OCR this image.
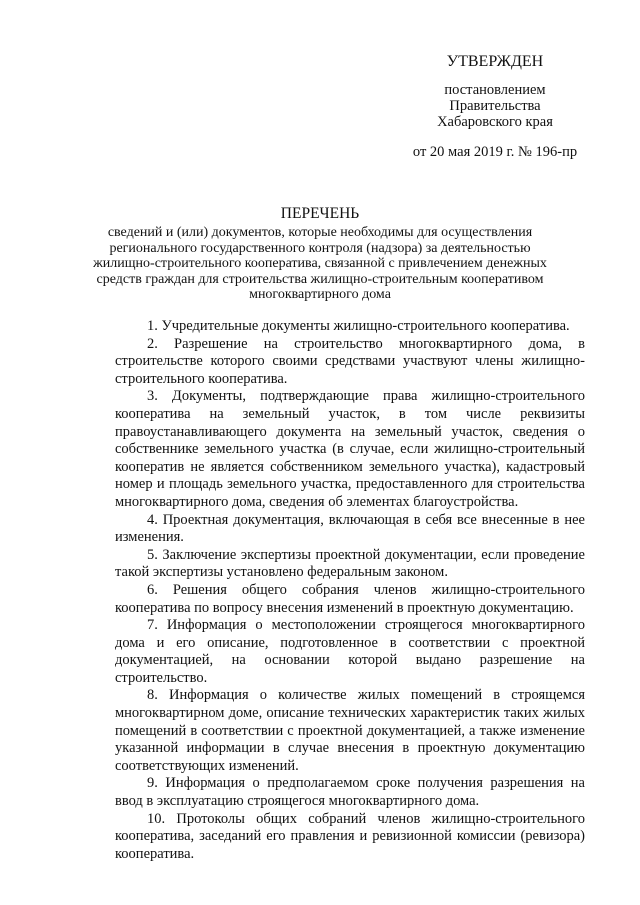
УТВЕРЖДЕН
постановлением
Правительства
Хабаровского края
от 20 мая 2019 г. № 196-пр
ПЕРЕЧЕНЬ
сведений и (или) документов, которые необходимы для осуществления регионального государственного контроля (надзора) за деятельностью жилищно-строительного кооператива, связанной с привлечением денежных средств граждан для строительства жилищно-строительным кооперативом многоквартирного дома

1. Учредительные документы жилищно-строительного кооператива.

2. Разрешение на строительство многоквартирного дома, в строительстве которого своими средствами участвуют члены жилищно-строительного кооператива.

3. Документы, подтверждающие права жилищно-строительного кооператива на земельный участок, в том числе реквизиты правоустанавливающего документа на земельный участок, сведения о собственнике земельного участка (в случае, если жилищно-строительный кооператив не является собственником земельного участка), кадастровый номер и площадь земельного участка, предоставленного для строительства многоквартирного дома, сведения об элементах благоустройства.

4. Проектная документация, включающая в себя все внесенные в нее изменения.

5. Заключение экспертизы проектной документации, если проведение такой экспертизы установлено федеральным законом.

6. Решения общего собрания членов жилищно-строительного кооператива по вопросу внесения изменений в проектную документацию.

7. Информация о местоположении строящегося многоквартирного дома и его описание, подготовленное в соответствии с проектной документацией, на основании которой выдано разрешение на строительство.

8. Информация о количестве жилых помещений в строящемся многоквартирном доме, описание технических характеристик таких жилых помещений в соответствии с проектной документацией, а также изменение указанной информации в случае внесения в проектную документацию соответствующих изменений.

9. Информация о предполагаемом сроке получения разрешения на ввод в эксплуатацию строящегося многоквартирного дома.

10. Протоколы общих собраний членов жилищно-строительного кооператива, заседаний его правления и ревизионной комиссии (ревизора) кооператива.
